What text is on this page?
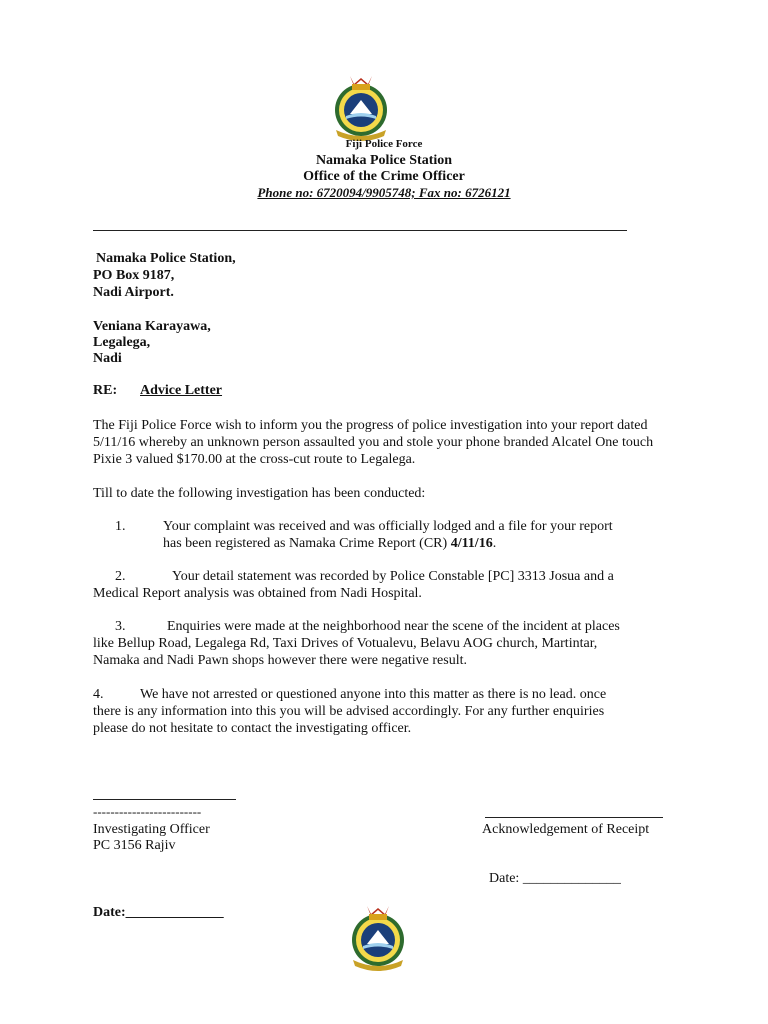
Fiji Police Force
Namaka Police Station
Office of the Crime Officer
Phone no: 6720094/9905748; Fax no: 6726121
Namaka Police Station,
PO Box 9187,
Nadi Airport.
Veniana Karayawa,
Legalega,
Nadi
RE: Advice Letter
The Fiji Police Force wish to inform you the progress of police investigation into your report dated 5/11/16 whereby an unknown person assaulted you and stole your phone branded Alcatel One touch Pixie 3 valued $170.00 at the cross-cut route to Legalega.
Till to date the following investigation has been conducted:
1.	Your complaint was received and was officially lodged and a file for your report
has been registered as Namaka Crime Report (CR) 4/11/16.
2.	Your detail statement was recorded by Police Constable [PC] 3313 Josua and a
Medical Report analysis was obtained from Nadi Hospital.
3.	Enquiries were made at the neighborhood near the scene of the incident at places
like Bellup Road, Legalega Rd, Taxi Drives of Votualevu, Belavu AOG church, Martintar,
Namaka and Nadi Pawn shops however there were negative result.
4.	We have not arrested or questioned anyone into this matter as there is no lead. once
there is any information into this you will be advised accordingly. For any further enquiries
please do not hesitate to contact the investigating officer.
-------------------------
Investigating Officer
PC 3156 Rajiv
Acknowledgement of Receipt
Date: ______________
Date:______________
